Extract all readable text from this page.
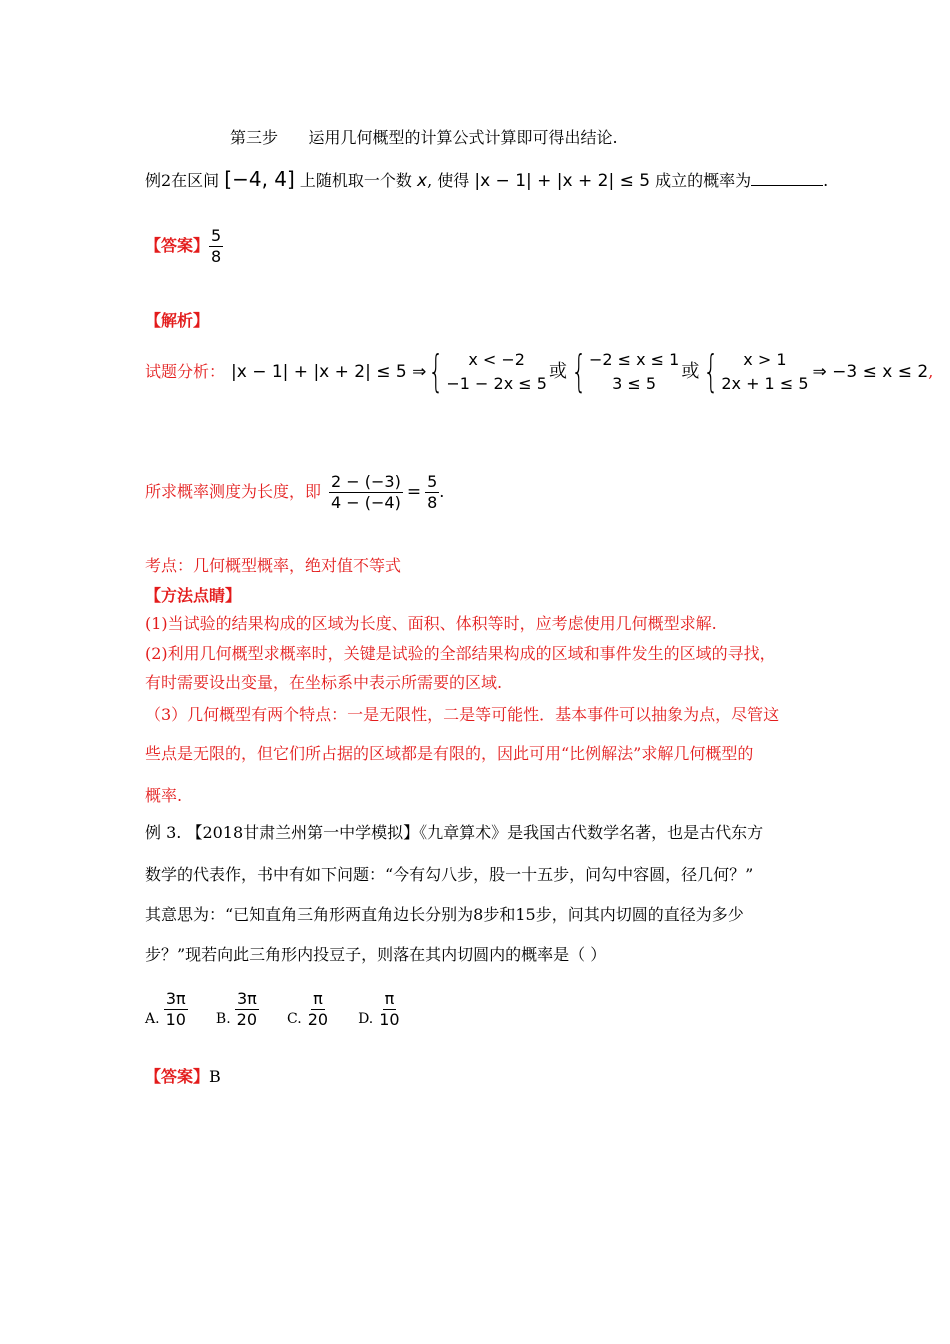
第三步 运用几何概型的计算公式计算即可得出结论.
例2在区间 [−4, 4] 上随机取一个数 x, 使得 |x − 1| + |x + 2| ≤ 5 成立的概率为	.
【答案】 $\frac{5}{8}$
【解析】
试题分析： |x − 1| + |x + 2| ≤ 5 ⇒ {	x < −2
−1 − 2x ≤ 5
或 { −2 ≤ x ≤ 1
3 ≤ 5
或 {	x > 1
2x + 1 ≤ 5
⇒ −3 ≤ x ≤ 2 ,
所求概率测度为长度，即 $\frac{2 - (-3)}{4 - (-4)} = \frac{5}{8}$ .
考点：几何概型概率，绝对值不等式
【方法点睛】
(1)当试验的结果构成的区域为长度、面积、体积等时，应考虑使用几何概型求解.
(2)利用几何概型求概率时，关键是试验的全部结果构成的区域和事件发生的区域的寻找，
有时需要设出变量，在坐标系中表示所需要的区域.
（3）几何概型有两个特点：一是无限性，二是等可能性．基本事件可以抽象为点，尽管这
些点是无限的，但它们所占据的区域都是有限的，因此可用“比例解法”求解几何概型的
概率.
例 3. 【2018甘肃兰州第一中学模拟】《九章算术》是我国古代数学名著，也是古代东方
数学的代表作，书中有如下问题：“今有勾八步，股一十五步，问勾中容圆，径几何？”
其意思为：“已知直角三角形两直角边长分别为8步和15步，问其内切圆的直径为多少
步？”现若向此三角形内投豆子，则落在其内切圆内的概率是（ ）
A. $\frac{3\pi}{10} B$. $\frac{3\pi}{20} C$. $\frac{\pi}{20} D$. $\frac{\pi}{10}$
【答案】B
